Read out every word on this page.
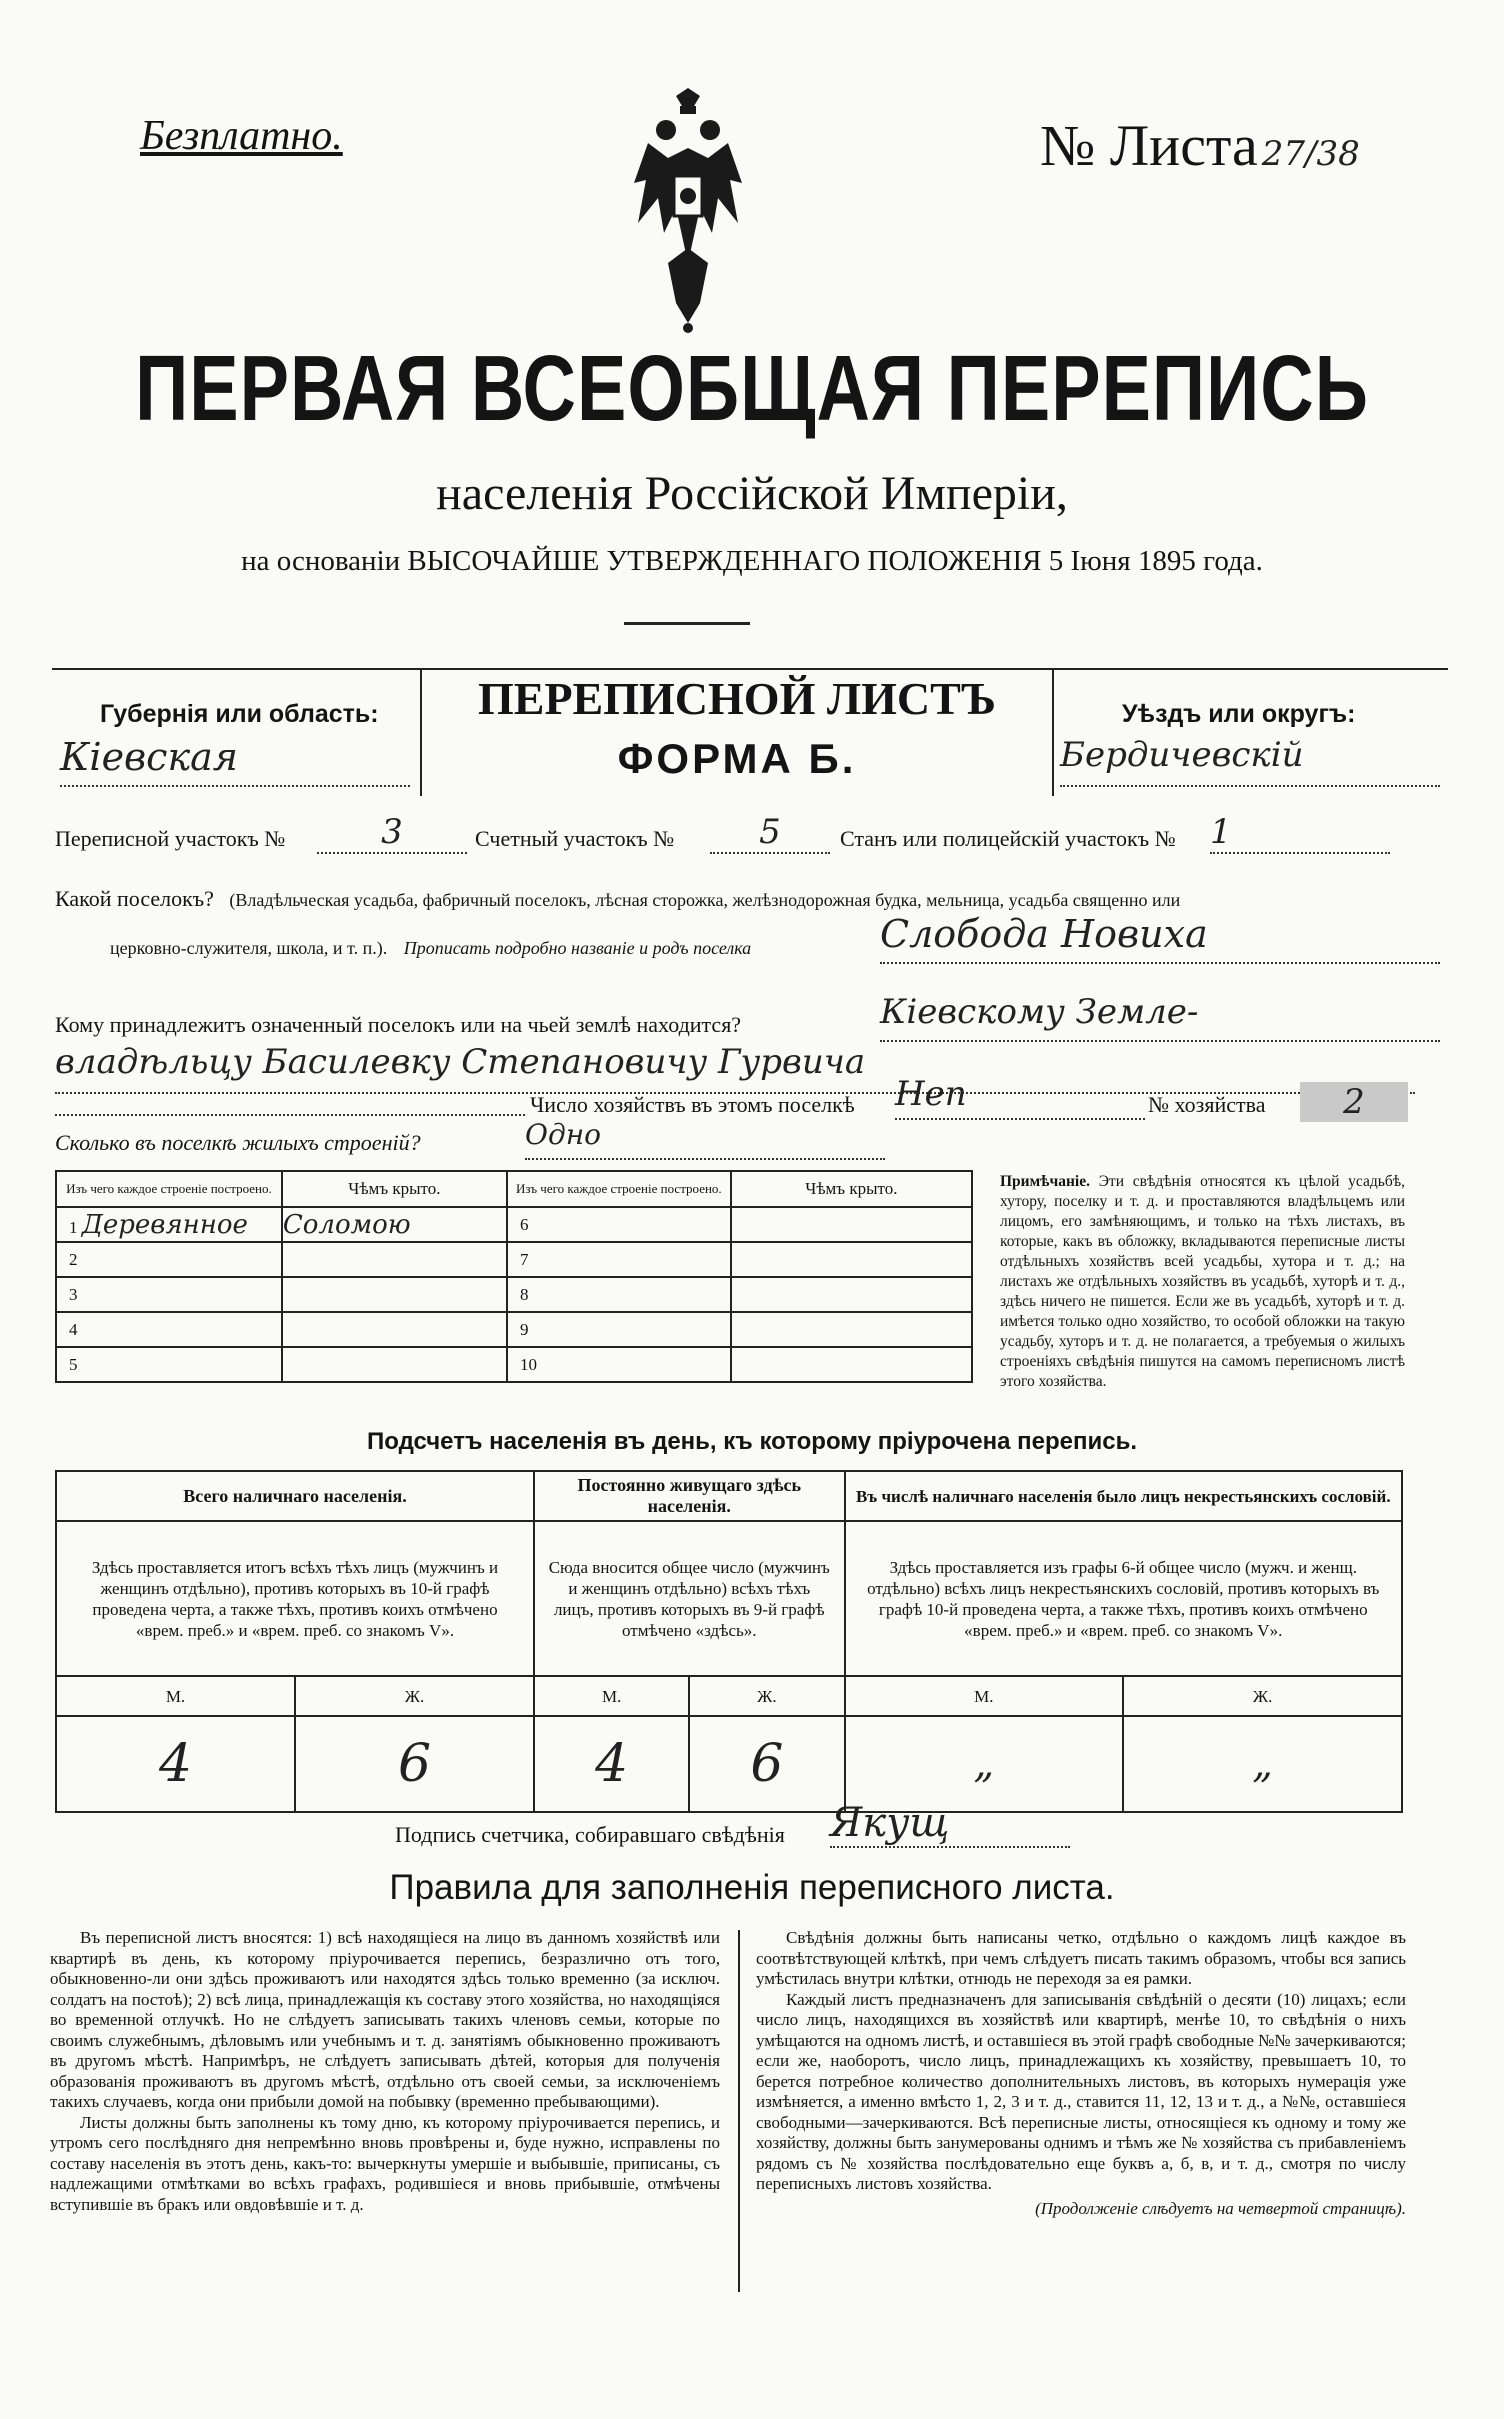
Безплатно.	№ Листа 27/38
ПЕРВАЯ ВСЕОБЩАЯ ПЕРЕПИСЬ
населенія Россійской Имперіи,
на основаніи ВЫСОЧАЙШЕ УТВЕРЖДЕННАГО ПОЛОЖЕНІЯ 5 Іюня 1895 года.
Губернія или область:
Кіевская
ПЕРЕПИСНОЙ ЛИСТЪ
ФОРМА Б.
Уѣздъ или округъ:
Бердичевскій
Переписной участокъ №	3	Счетный участокъ №	5	Станъ или полицейскій участокъ № 1
Какой поселокъ? (Владѣльческая усадьба, фабричный поселокъ, лѣсная сторожка, желѣзнодорожная будка, мельница, усадьба священно или
церковно-служителя, школа, и т. п.). Прописать подробно названіе и родъ поселка	Слобода Новиха
Кому принадлежитъ означенный поселокъ или на чьей землѣ находится?	Кіевскому Земле-
владѣльцу Басилевку Степановичу Гурвича
Число хозяйствъ въ этомъ поселкѣ Неп	№ хозяйства	2
Сколько въ поселкѣ жилыхъ строеній?	Одно
Изъ чего каждое строеніе построено.	Чѣмъ крыто.	Изъ чего каждое строеніе построено.	Чѣмъ крыто.
1 Деревянное	Соломою	6	
2		7	
3		8	
4		9	
5		10	
Примѣчаніе. Эти свѣдѣнія относятся къ цѣлой усадьбѣ, хутору, поселку и т. д. и проставляются владѣльцемъ или лицомъ, его замѣняющимъ, и только на тѣхъ листахъ, въ которые, какъ въ обложку, вкладываются переписные листы отдѣльныхъ хозяйствъ всей усадьбы, хутора и т. д.; на листахъ же отдѣльныхъ хозяйствъ въ усадьбѣ, хуторѣ и т. д., здѣсь ничего не пишется. Если же въ усадьбѣ, хуторѣ и т. д. имѣется только одно хозяйство, то особой обложки на такую усадьбу, хуторъ и т. д. не полагается, а требуемыя о жилыхъ строеніяхъ свѣдѣнія пишутся на самомъ переписномъ листѣ этого хозяйства.
Подсчетъ населенія въ день, къ которому пріурочена перепись.
Всего наличнаго населенія.		Постоянно живущаго здѣсь населенія.		Въ числѣ наличнаго населенія было лицъ некрестьянскихъ сословій.	
Здѣсь проставляется итогъ всѣхъ тѣхъ лицъ (мужчинъ и женщинъ отдѣльно), противъ которыхъ въ 10-й графѣ проведена черта, а также тѣхъ, противъ коихъ отмѣчено «врем. преб.» и «врем. преб. со знакомъ V».		Сюда вносится общее число (мужчинъ и женщинъ отдѣльно) всѣхъ тѣхъ лицъ, противъ которыхъ въ 9-й графѣ отмѣчено «здѣсь».		Здѣсь проставляется изъ графы 6-й общее число (мужч. и женщ. отдѣльно) всѣхъ лицъ некрестьянскихъ сословій, противъ которыхъ въ графѣ 10-й проведена черта, а также тѣхъ, противъ коихъ отмѣчено «врем. преб.» и «врем. преб. со знакомъ V».	
М.	Ж.	М.	Ж.	М.	Ж.
4	6	4	6	„	„
Подпись счетчика, собиравшаго свѣдѣнія Якущ
Правила для заполненія переписного листа.
Въ переписной листъ вносятся: 1) всѣ находящіеся на лицо въ данномъ хозяйствѣ или квартирѣ въ день, къ которому пріурочивается перепись, безразлично отъ того, обыкновенно-ли они здѣсь проживаютъ или находятся здѣсь только временно (за исключ. солдатъ на постоѣ); 2) всѣ лица, принадлежащія къ составу этого хозяйства, но находящіяся во временной отлучкѣ. Но не слѣдуетъ записывать такихъ членовъ семьи, которые по своимъ служебнымъ, дѣловымъ или учебнымъ и т. д. занятіямъ обыкновенно проживаютъ въ другомъ мѣстѣ. Напримѣръ, не слѣдуетъ записывать дѣтей, которыя для полученія образованія проживаютъ въ другомъ мѣстѣ, отдѣльно отъ своей семьи, за исключеніемъ такихъ случаевъ, когда они прибыли домой на побывку (временно пребывающими).
Листы должны быть заполнены къ тому дню, къ которому пріурочивается перепись, и утромъ сего послѣдняго дня непремѣнно вновь провѣрены и, буде нужно, исправлены по составу населенія въ этотъ день, какъ-то: вычеркнуты умершіе и выбывшіе, приписаны, съ надлежащими отмѣтками во всѣхъ графахъ, родившіеся и вновь прибывшіе, отмѣчены вступившіе въ бракъ или овдовѣвшіе и т. д.
Свѣдѣнія должны быть написаны четко, отдѣльно о каждомъ лицѣ каждое въ соотвѣтствующей клѣткѣ, при чемъ слѣдуетъ писать такимъ образомъ, чтобы вся запись умѣстилась внутри клѣтки, отнюдь не переходя за ея рамки.
Каждый листъ предназначенъ для записыванія свѣдѣній о десяти (10) лицахъ; если число лицъ, находящихся въ хозяйствѣ или квартирѣ, менѣе 10, то свѣдѣнія о нихъ умѣщаются на одномъ листѣ, и оставшіеся въ этой графѣ свободные №№ зачеркиваются; если же, наоборотъ, число лицъ, принадлежащихъ къ хозяйству, превышаетъ 10, то берется потребное количество дополнительныхъ листовъ, въ которыхъ нумерація уже измѣняется, а именно вмѣсто 1, 2, 3 и т. д., ставится 11, 12, 13 и т. д., а №№, оставшіеся свободными—зачеркиваются. Всѣ переписные листы, относящіеся къ одному и тому же хозяйству, должны быть занумерованы однимъ и тѣмъ же № хозяйства съ прибавленіемъ рядомъ съ № хозяйства послѣдовательно еще буквъ а, б, в, и т. д., смотря по числу переписныхъ листовъ хозяйства.
(Продолженіе слѣдуетъ на четвертой страницѣ).
